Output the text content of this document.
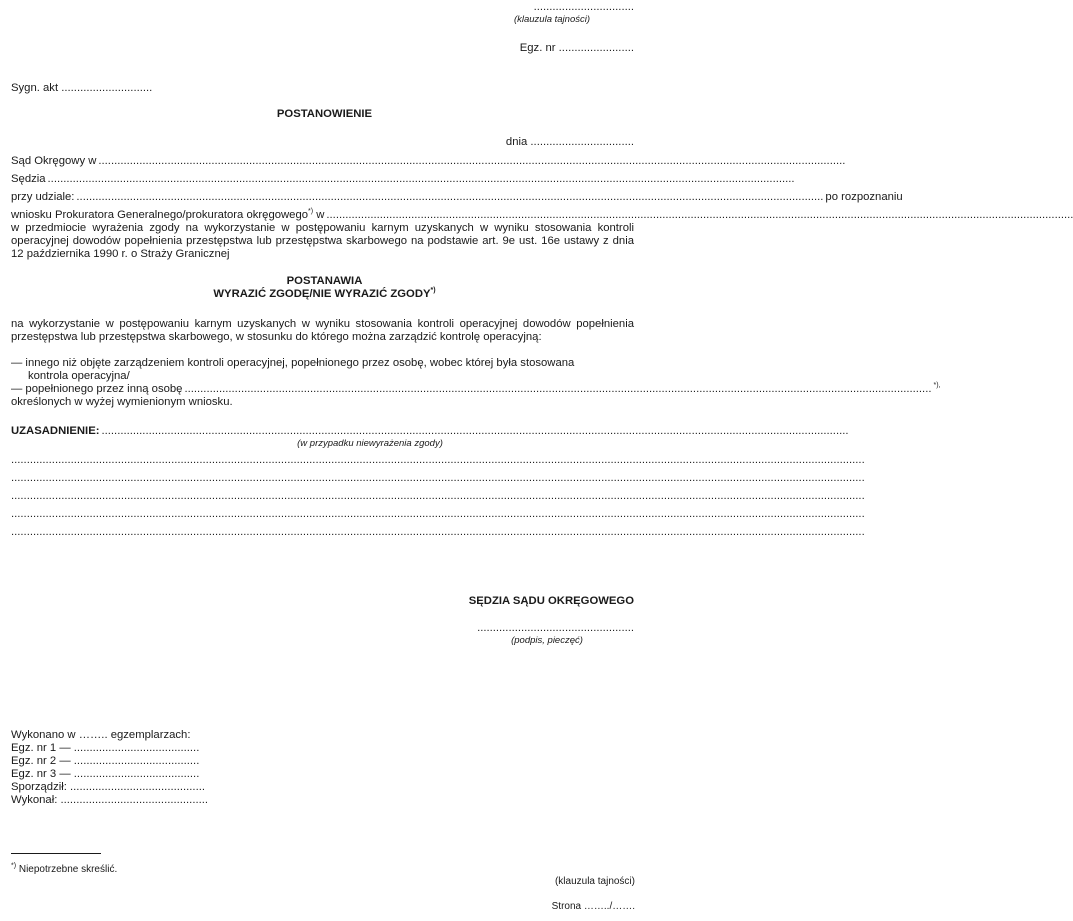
................................
(klauzula tajności)
Egz. nr ........................
Sygn. akt .............................
POSTANOWIENIE
dnia .................................
Sąd Okręgowy w ..............................................................................................................................................................................................................................................
Sędzia ..............................................................................................................................................................................................................................................
przy udziale: .............................................................................................................................................................................................................................................. po rozpoznaniu
wniosku Prokuratora Generalnego/prokuratora okręgowego*) w ..............................................................................................................................................................................................................................................
w przedmiocie wyrażenia zgody na wykorzystanie w postępowaniu karnym uzyskanych w wyniku stosowania kontroli operacyjnej dowodów popełnienia przestępstwa lub przestępstwa skarbowego na podstawie art. 9e ust. 16e ustawy z dnia 12 października 1990 r. o Straży Granicznej
POSTANAWIA
WYRAZIĆ ZGODĘ/NIE WYRAZIĆ ZGODY*)
na wykorzystanie w postępowaniu karnym uzyskanych w wyniku stosowania kontroli operacyjnej dowodów popełnienia przestępstwa lub przestępstwa skarbowego, w stosunku do którego można zarządzić kontrolę operacyjną:
— innego niż objęte zarządzeniem kontroli operacyjnej, popełnionego przez osobę, wobec której była stosowana
kontrola operacyjna/
— popełnionego przez inną osobę .............................................................................................................................................................................................................................................. *),
określonych w wyżej wymienionym wniosku.
UZASADNIENIE: ..............................................................................................................................................................................................................................................
(w przypadku niewyrażenia zgody)
................................................................................................................................................................................................................................................................................
................................................................................................................................................................................................................................................................................
................................................................................................................................................................................................................................................................................
................................................................................................................................................................................................................................................................................
................................................................................................................................................................................................................................................................................
SĘDZIA SĄDU OKRĘGOWEGO
..................................................
(podpis, pieczęć)
Wykonano w …….. egzemplarzach:
Egz. nr 1 — ........................................
Egz. nr 2 — ........................................
Egz. nr 3 — ........................................
Sporządził: ...........................................
Wykonał: ...............................................
*) Niepotrzebne skreślić.
(klauzula tajności)
Strona ……../…….
